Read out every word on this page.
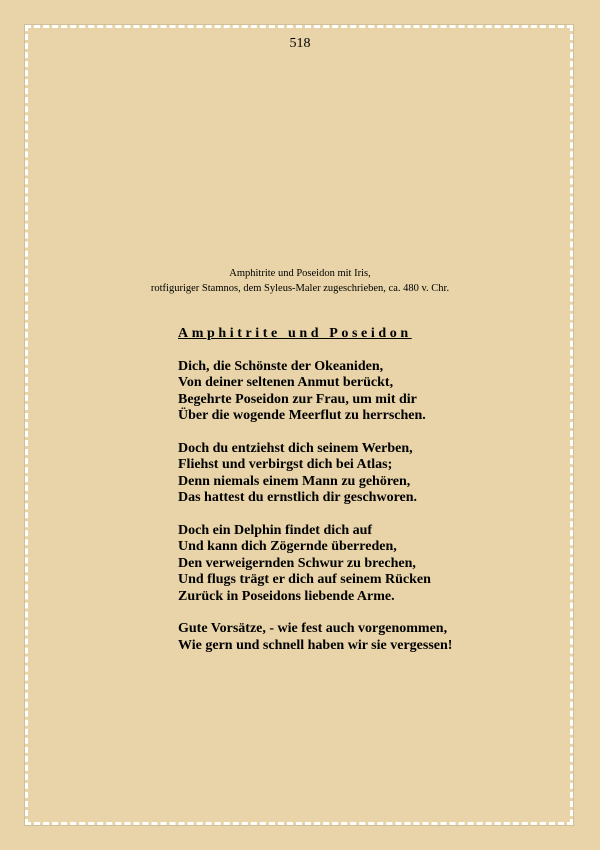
518
Amphitrite und Poseidon mit Iris,
rotfiguriger Stamnos, dem Syleus-Maler zugeschrieben, ca. 480 v. Chr.
Amphitrite und Poseidon
Dich, die Schönste der Okeaniden,
Von deiner seltenen Anmut berückt,
Begehrte Poseidon zur Frau, um mit dir
Über die wogende Meerflut zu herrschen.
Doch du entziehst dich seinem Werben,
Fliehst und verbirgst dich bei Atlas;
Denn niemals einem Mann zu gehören,
Das hattest du ernstlich dir geschworen.
Doch ein Delphin findet dich auf
Und kann dich Zögernde überreden,
Den verweigernden Schwur zu brechen,
Und flugs trägt er dich auf seinem Rücken
Zurück in Poseidons liebende Arme.
Gute Vorsätze, - wie fest auch vorgenommen,
Wie gern und schnell haben wir sie vergessen!
